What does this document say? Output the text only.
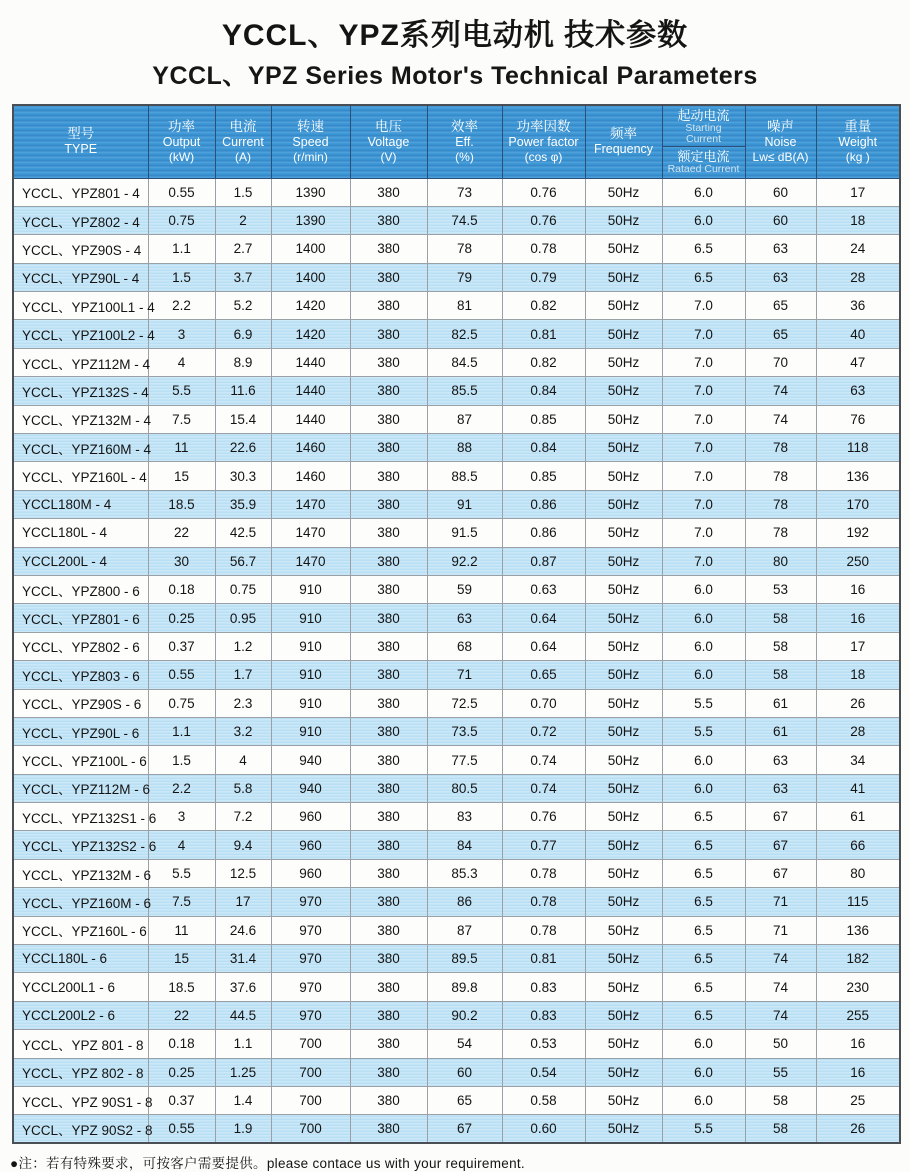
YCCL、YPZ系列电动机 技术参数
YCCL、YPZ Series Motor's Technical Parameters
型号
TYPE

功率
Output
(kW)

电流
Current
(A)

转速
Speed
(r/min)

电压
Voltage
(V)

效率
Eff.
(%)

功率因数
Power factor
(cos φ)

频率
Frequency

起动电流
Starting
Current
额定电流
Rataed Current

噪声
Noise
Lw≤ dB(A)

重量
Weight
(kg )

YCCL、YPZ801 - 4	0.55	1.5	1390	380	73	0.76	50Hz	6.0	60	17
YCCL、YPZ802 - 4	0.75	2	1390	380	74.5	0.76	50Hz	6.0	60	18
YCCL、YPZ90S - 4	1.1	2.7	1400	380	78	0.78	50Hz	6.5	63	24
YCCL、YPZ90L - 4	1.5	3.7	1400	380	79	0.79	50Hz	6.5	63	28
YCCL、YPZ100L1 - 4	2.2	5.2	1420	380	81	0.82	50Hz	7.0	65	36
YCCL、YPZ100L2 - 4	3	6.9	1420	380	82.5	0.81	50Hz	7.0	65	40
YCCL、YPZ112M - 4	4	8.9	1440	380	84.5	0.82	50Hz	7.0	70	47
YCCL、YPZ132S - 4	5.5	11.6	1440	380	85.5	0.84	50Hz	7.0	74	63
YCCL、YPZ132M - 4	7.5	15.4	1440	380	87	0.85	50Hz	7.0	74	76
YCCL、YPZ160M - 4	11	22.6	1460	380	88	0.84	50Hz	7.0	78	118
YCCL、YPZ160L - 4	15	30.3	1460	380	88.5	0.85	50Hz	7.0	78	136
YCCL180M - 4	18.5	35.9	1470	380	91	0.86	50Hz	7.0	78	170
YCCL180L - 4	22	42.5	1470	380	91.5	0.86	50Hz	7.0	78	192
YCCL200L - 4	30	56.7	1470	380	92.2	0.87	50Hz	7.0	80	250
YCCL、YPZ800 - 6	0.18	0.75	910	380	59	0.63	50Hz	6.0	53	16
YCCL、YPZ801 - 6	0.25	0.95	910	380	63	0.64	50Hz	6.0	58	16
YCCL、YPZ802 - 6	0.37	1.2	910	380	68	0.64	50Hz	6.0	58	17
YCCL、YPZ803 - 6	0.55	1.7	910	380	71	0.65	50Hz	6.0	58	18
YCCL、YPZ90S - 6	0.75	2.3	910	380	72.5	0.70	50Hz	5.5	61	26
YCCL、YPZ90L - 6	1.1	3.2	910	380	73.5	0.72	50Hz	5.5	61	28
YCCL、YPZ100L - 6	1.5	4	940	380	77.5	0.74	50Hz	6.0	63	34
YCCL、YPZ112M - 6	2.2	5.8	940	380	80.5	0.74	50Hz	6.0	63	41
YCCL、YPZ132S1 - 6	3	7.2	960	380	83	0.76	50Hz	6.5	67	61
YCCL、YPZ132S2 - 6	4	9.4	960	380	84	0.77	50Hz	6.5	67	66
YCCL、YPZ132M - 6	5.5	12.5	960	380	85.3	0.78	50Hz	6.5	67	80
YCCL、YPZ160M - 6	7.5	17	970	380	86	0.78	50Hz	6.5	71	115
YCCL、YPZ160L - 6	11	24.6	970	380	87	0.78	50Hz	6.5	71	136
YCCL180L - 6	15	31.4	970	380	89.5	0.81	50Hz	6.5	74	182
YCCL200L1 - 6	18.5	37.6	970	380	89.8	0.83	50Hz	6.5	74	230
YCCL200L2 - 6	22	44.5	970	380	90.2	0.83	50Hz	6.5	74	255
YCCL、YPZ 801 - 8	0.18	1.1	700	380	54	0.53	50Hz	6.0	50	16
YCCL、YPZ 802 - 8	0.25	1.25	700	380	60	0.54	50Hz	6.0	55	16
YCCL、YPZ 90S1 - 8	0.37	1.4	700	380	65	0.58	50Hz	6.0	58	25
YCCL、YPZ 90S2 - 8	0.55	1.9	700	380	67	0.60	50Hz	5.5	58	26
●注：若有特殊要求，可按客户需要提供。please contace us with your requirement.
